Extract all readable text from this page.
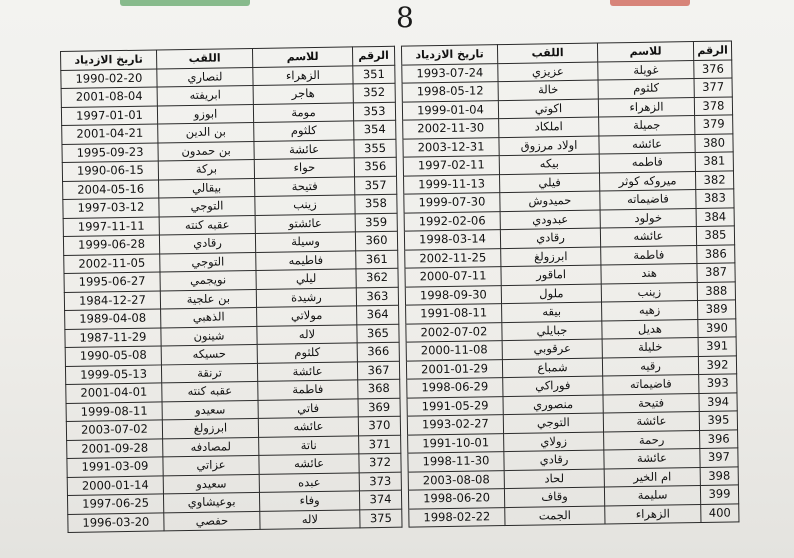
8
تاريخ الازدياد	اللقب	للاسم	الرقم		تاريخ الازدياد	اللقب	للاسم	الرقم
1990-02-20	لنصاري	الزهراء	351		1993-07-24	عزيزي	غويلة	376
2001-08-04	ابريفته	هاجر	352		1998-05-12	خالة	كلثوم	377
1997-01-01	ابوزو	مومة	353		1999-01-04	اكوتي	الزهراء	378
2001-04-21	بن الدين	كلثوم	354		2002-11-30	املكاد	جميلة	379
1995-09-23	بن حمدون	عائشة	355		2003-12-31	اولاد مرزوق	عائشه	380
1990-06-15	بركة	حواء	356		1997-02-11	بيكه	فاطمه	381
2004-05-16	بيقالي	فتيحة	357		1999-11-13	فيلي	ميروكه كوثر	382
1997-03-12	التوجي	زينب	358		1999-07-30	حميدوش	فاضيماته	383
1997-11-11	عقبه كنته	عائشتو	359		1992-02-06	عبدودي	خولود	384
1999-06-28	رقادي	وسيلة	360		1998-03-14	رقادي	عائشه	385
2002-11-05	التوجي	فاطيمه	361		2002-11-25	ابرزولغ	فاطمة	386
1995-06-27	نويجمي	ليلي	362		2000-07-11	اماقور	هند	387
1984-12-27	بن علجية	رشيدة	363		1998-09-30	ملول	زينب	388
1989-04-08	الذهبي	مولاتي	364		1991-08-11	بيقه	زهيه	389
1987-11-29	شينون	لاله	365		2002-07-02	جبايلي	هديل	390
1990-05-08	حسيكه	كلثوم	366		2000-11-08	عرقوبي	خليلة	391
1999-05-13	ترنقة	عائشة	367		2001-01-29	شمباع	رقيه	392
2001-04-01	عقبه كنته	فاطمة	368		1998-06-29	فوراكي	فاضيماته	393
1999-08-11	سعيدو	فاتي	369		1991-05-29	منصوري	فتيحة	394
2003-07-02	ابرزولغ	عائشه	370		1993-02-27	التوجي	عائشة	395
2001-09-28	لمصادفه	ناتة	371		1991-10-01	زولاي	رحمة	396
1991-03-09	عزاتي	عائشه	372		1998-11-30	رقادي	عائشة	397
2000-01-14	سعيدو	عبده	373		2003-08-08	لحاد	ام الخير	398
1997-06-25	بوعيشاوي	وفاء	374		1998-06-20	وقاف	سليمة	399
1996-03-20	حفصي	لاله	375		1998-02-22	الجمت	الزهراء	400
